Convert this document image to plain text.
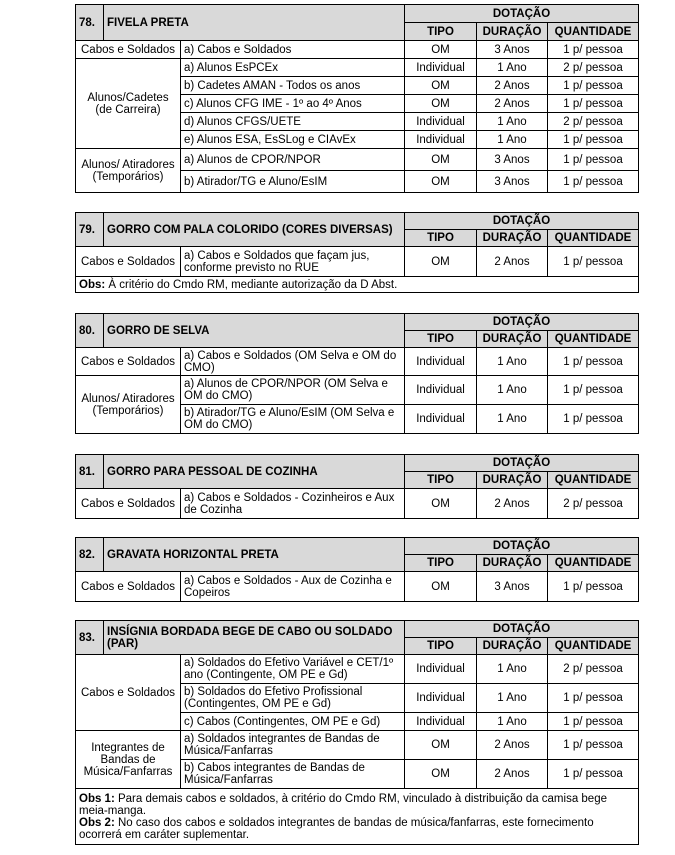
78.	FIVELA PRETA		DOTAÇÃO		
			TIPO	DURAÇÃO	QUANTIDADE
Cabos e Soldados		a) Cabos e Soldados	OM	3 Anos	1 p/ pessoa
Alunos/Cadetes (de Carreira)		a) Alunos EsPCEx	Individual	1 Ano	2 p/ pessoa
		b) Cadetes AMAN - Todos os anos	OM	2 Anos	1 p/ pessoa
		c) Alunos CFG IME - 1º ao 4º Anos	OM	2 Anos	1 p/ pessoa
		d) Alunos CFGS/UETE	Individual	1 Ano	2 p/ pessoa
		e) Alunos ESA, EsSLog e CIAvEx	Individual	1 Ano	1 p/ pessoa
Alunos/ Atiradores (Temporários)		a) Alunos de CPOR/NPOR	OM	3 Anos	1 p/ pessoa
		b) Atirador/TG e Aluno/EsIM	OM	3 Anos	1 p/ pessoa
79.	GORRO COM PALA COLORIDO (CORES DIVERSAS)		DOTAÇÃO		
			TIPO	DURAÇÃO	QUANTIDADE
Cabos e Soldados		a) Cabos e Soldados que façam jus, conforme previsto no RUE	OM	2 Anos	1 p/ pessoa
Obs: À critério do Cmdo RM, mediante autorização da D Abst.					
80.	GORRO DE SELVA		DOTAÇÃO		
			TIPO	DURAÇÃO	QUANTIDADE
Cabos e Soldados		a) Cabos e Soldados (OM Selva e OM do CMO)	Individual	1 Ano	1 p/ pessoa
Alunos/ Atiradores (Temporários)		a) Alunos de CPOR/NPOR (OM Selva e OM do CMO)	Individual	1 Ano	1 p/ pessoa
		b) Atirador/TG e Aluno/EsIM (OM Selva e OM do CMO)	Individual	1 Ano	1 p/ pessoa
81.	GORRO PARA PESSOAL DE COZINHA		DOTAÇÃO		
			TIPO	DURAÇÃO	QUANTIDADE
Cabos e Soldados		a) Cabos e Soldados - Cozinheiros e Aux de Cozinha	OM	2 Anos	2 p/ pessoa
82.	GRAVATA HORIZONTAL PRETA		DOTAÇÃO		
			TIPO	DURAÇÃO	QUANTIDADE
Cabos e Soldados		a) Cabos e Soldados - Aux de Cozinha e Copeiros	OM	3 Anos	1 p/ pessoa
83.	INSÍGNIA BORDADA BEGE DE CABO OU SOLDADO (PAR)		DOTAÇÃO		
			TIPO	DURAÇÃO	QUANTIDADE
Cabos e Soldados		a) Soldados do Efetivo Variável e CET/1º ano (Contingente, OM PE e Gd)	Individual	1 Ano	2 p/ pessoa
		b) Soldados do Efetivo Profissional (Contingentes, OM PE e Gd)	Individual	1 Ano	1 p/ pessoa
		c) Cabos (Contingentes, OM PE e Gd)	Individual	1 Ano	1 p/ pessoa
Integrantes de Bandas de Música/Fanfarras		a) Soldados integrantes de Bandas de Música/Fanfarras	OM	2 Anos	1 p/ pessoa
		b) Cabos integrantes de Bandas de Música/Fanfarras	OM	2 Anos	1 p/ pessoa
Obs 1: Para demais cabos e soldados, à critério do Cmdo RM, vinculado à distribuição da camisa bege meia-manga.
Obs 2: No caso dos cabos e soldados integrantes de bandas de música/fanfarras, este fornecimento ocorrerá em caráter suplementar.					
